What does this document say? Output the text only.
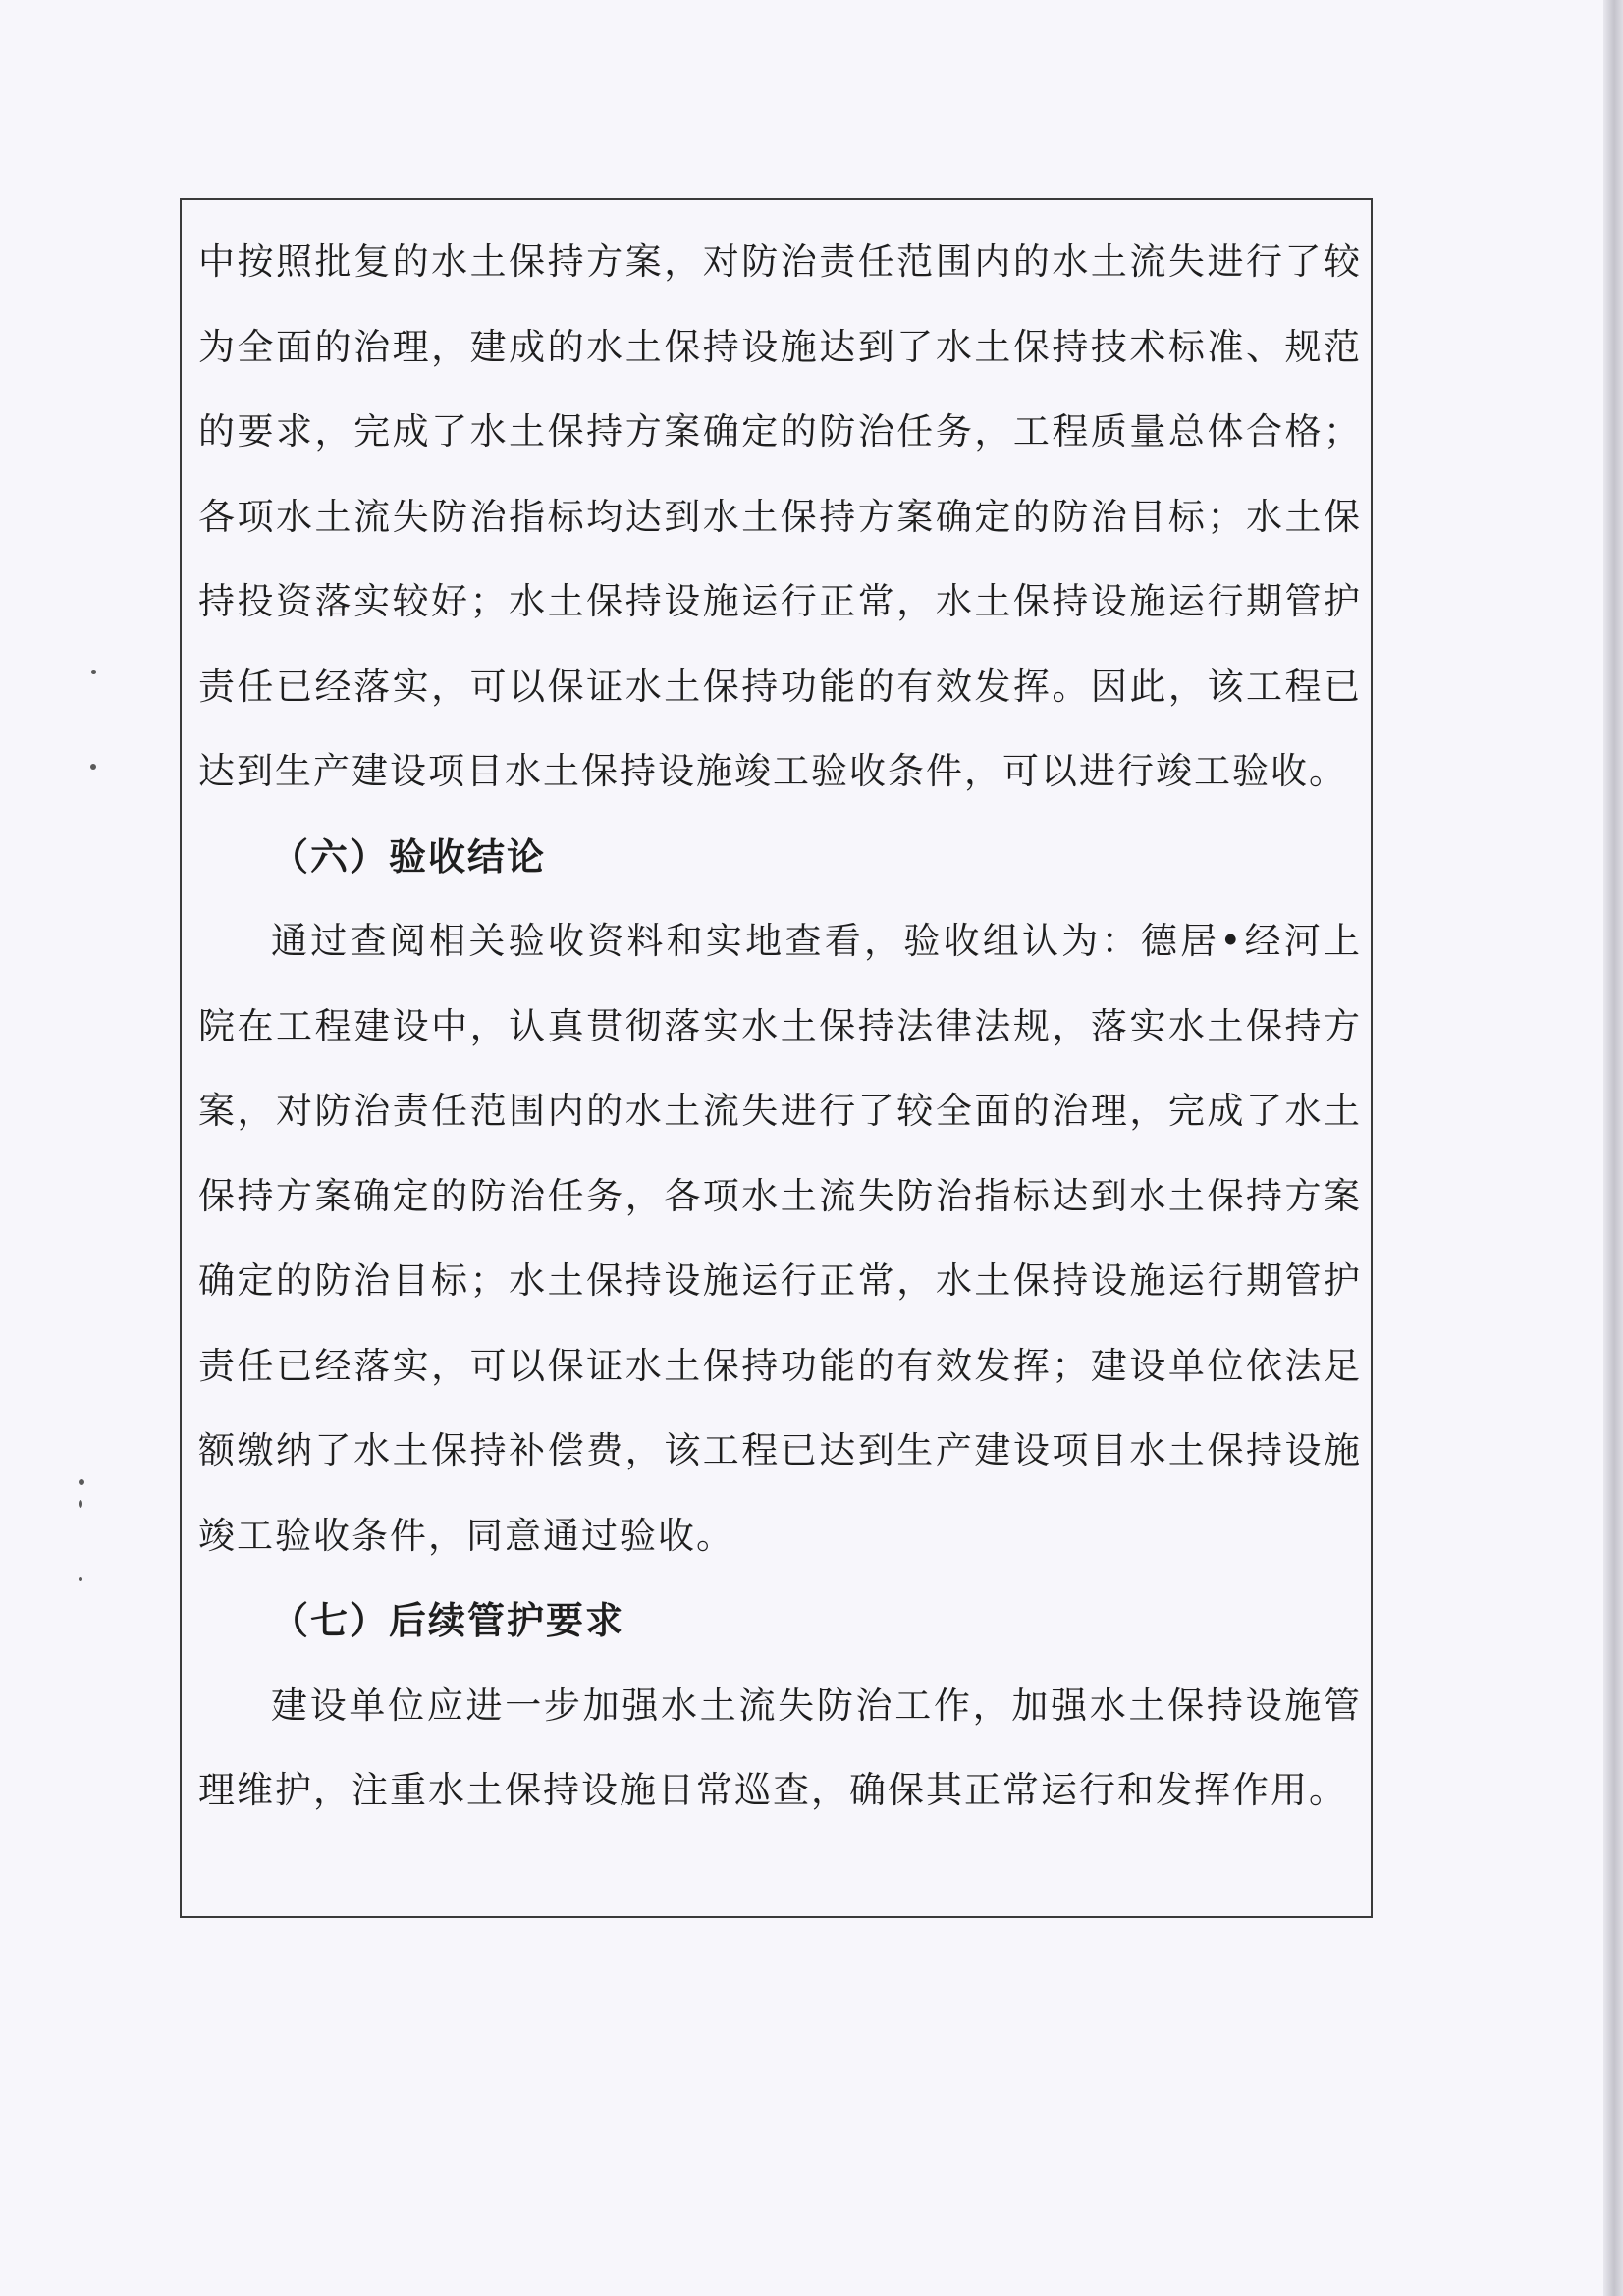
中按照批复的水土保持方案，对防治责任范围内的水土流失进行了较为全面的治理，建成的水土保持设施达到了水土保持技术标准、规范的要求，完成了水土保持方案确定的防治任务，工程质量总体合格；各项水土流失防治指标均达到水土保持方案确定的防治目标；水土保持投资落实较好；水土保持设施运行正常，水土保持设施运行期管护责任已经落实，可以保证水土保持功能的有效发挥。因此，该工程已达到生产建设项目水土保持设施竣工验收条件，可以进行竣工验收。

（六）验收结论

通过查阅相关验收资料和实地查看，验收组认为：德居•经河上院在工程建设中，认真贯彻落实水土保持法律法规，落实水土保持方案，对防治责任范围内的水土流失进行了较全面的治理，完成了水土保持方案确定的防治任务，各项水土流失防治指标达到水土保持方案确定的防治目标；水土保持设施运行正常，水土保持设施运行期管护责任已经落实，可以保证水土保持功能的有效发挥；建设单位依法足额缴纳了水土保持补偿费，该工程已达到生产建设项目水土保持设施竣工验收条件，同意通过验收。

（七）后续管护要求

建设单位应进一步加强水土流失防治工作，加强水土保持设施管理维护，注重水土保持设施日常巡查，确保其正常运行和发挥作用。
